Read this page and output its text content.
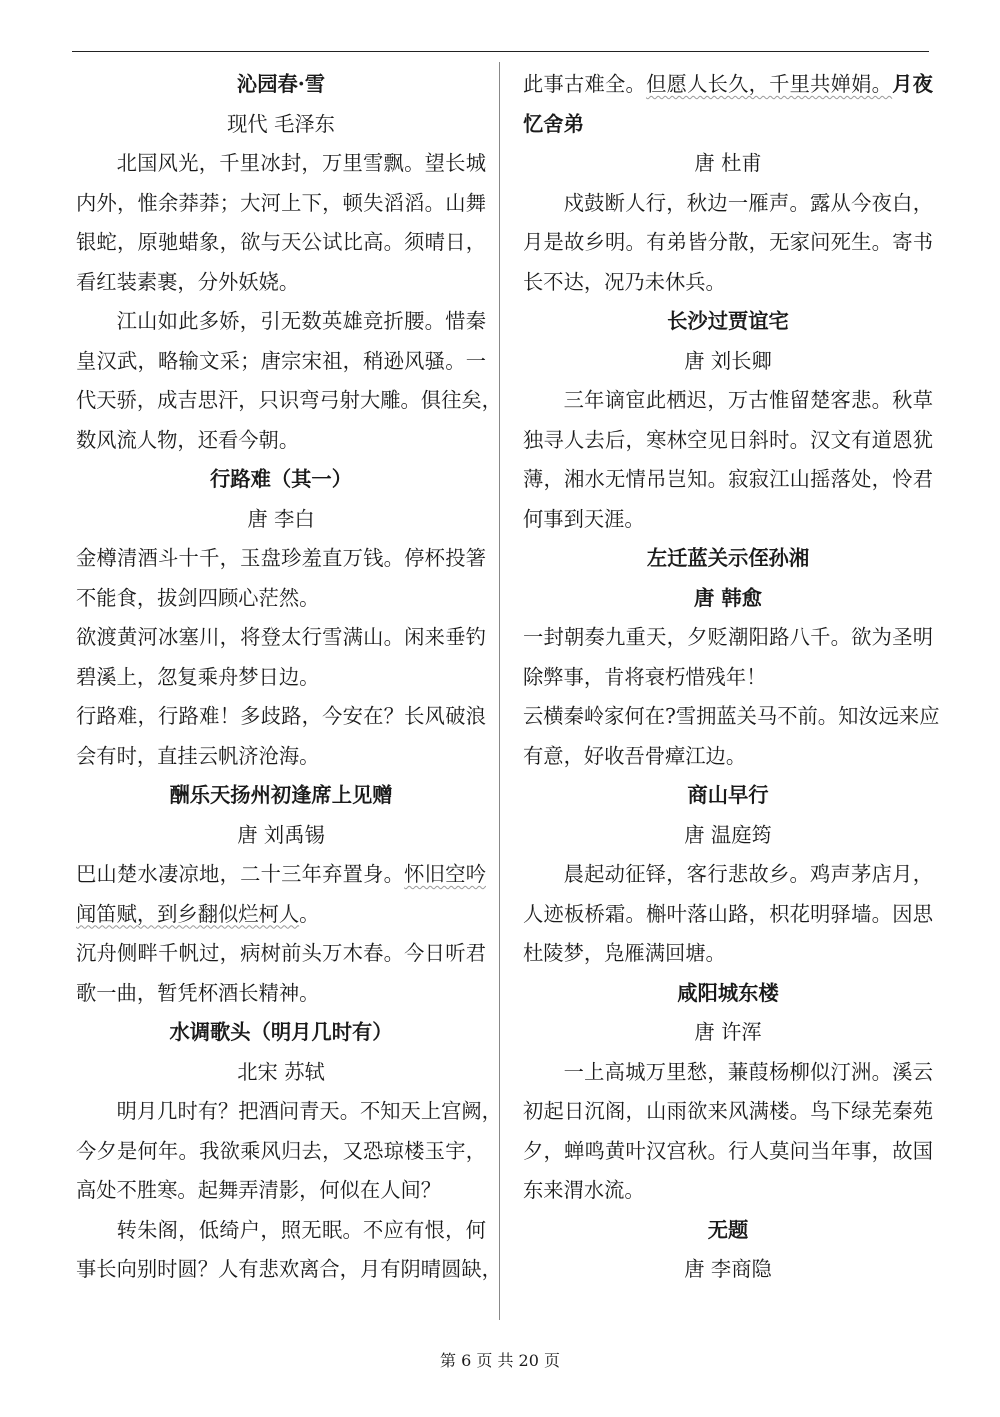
沁园春·雪
现代 毛泽东
北国风光，千里冰封，万里雪飘。望长城
内外，惟余莽莽；大河上下，顿失滔滔。山舞
银蛇，原驰蜡象，欲与天公试比高。须晴日，
看红装素裹，分外妖娆。
江山如此多娇，引无数英雄竞折腰。惜秦
皇汉武，略输文采；唐宗宋祖，稍逊风骚。一
代天骄，成吉思汗，只识弯弓射大雕。俱往矣，
数风流人物，还看今朝。
行路难（其一）
唐 李白
金樽清酒斗十千，玉盘珍羞直万钱。停杯投箸
不能食，拔剑四顾心茫然。
欲渡黄河冰塞川，将登太行雪满山。闲来垂钓
碧溪上，忽复乘舟梦日边。
行路难，行路难！多歧路，今安在？长风破浪
会有时，直挂云帆济沧海。
酬乐天扬州初逢席上见赠
唐 刘禹锡
巴山楚水凄凉地，二十三年弃置身。怀旧空吟
闻笛赋，到乡翻似烂柯人。
沉舟侧畔千帆过，病树前头万木春。今日听君
歌一曲，暂凭杯酒长精神。
水调歌头（明月几时有）
北宋 苏轼
明月几时有？把酒问青天。不知天上宫阙，
今夕是何年。我欲乘风归去，又恐琼楼玉宇，
高处不胜寒。起舞弄清影，何似在人间？
转朱阁，低绮户，照无眠。不应有恨，何
事长向别时圆？人有悲欢离合，月有阴晴圆缺，
此事古难全。但愿人长久，千里共婵娟。月夜
忆舍弟
唐 杜甫
戍鼓断人行，秋边一雁声。露从今夜白，
月是故乡明。有弟皆分散，无家问死生。寄书
长不达，况乃未休兵。
长沙过贾谊宅
唐 刘长卿
三年谪宦此栖迟，万古惟留楚客悲。秋草
独寻人去后，寒林空见日斜时。汉文有道恩犹
薄，湘水无情吊岂知。寂寂江山摇落处，怜君
何事到天涯。
左迁蓝关示侄孙湘
唐 韩愈
一封朝奏九重天，夕贬潮阳路八千。欲为圣明
除弊事，肯将衰朽惜残年！
云横秦岭家何在?雪拥蓝关马不前。知汝远来应
有意，好收吾骨瘴江边。
商山早行
唐 温庭筠
晨起动征铎，客行悲故乡。鸡声茅店月，
人迹板桥霜。槲叶落山路，枳花明驿墙。因思
杜陵梦，凫雁满回塘。
咸阳城东楼
唐 许浑
一上高城万里愁，蒹葭杨柳似汀洲。溪云
初起日沉阁，山雨欲来风满楼。鸟下绿芜秦苑
夕，蝉鸣黄叶汉宫秋。行人莫问当年事，故国
东来渭水流。
无题
唐 李商隐
第 6 页 共 20 页
